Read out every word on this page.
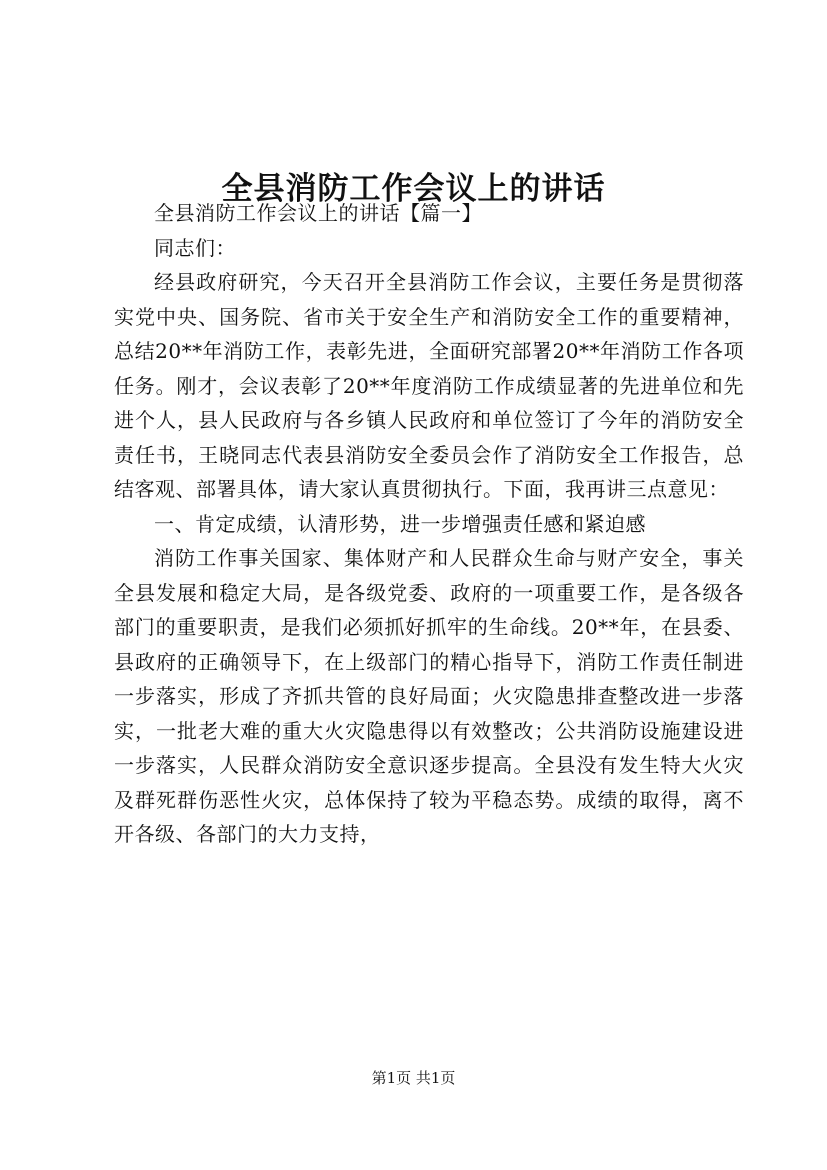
全县消防工作会议上的讲话

全县消防工作会议上的讲话【篇一】

同志们：

经县政府研究，今天召开全县消防工作会议，主要任务是贯彻落实党中央、国务院、省市关于安全生产和消防安全工作的重要精神，总结20**年消防工作，表彰先进，全面研究部署20**年消防工作各项任务。刚才，会议表彰了20**年度消防工作成绩显著的先进单位和先进个人，县人民政府与各乡镇人民政府和单位签订了今年的消防安全责任书，王晓同志代表县消防安全委员会作了消防安全工作报告，总结客观、部署具体，请大家认真贯彻执行。下面，我再讲三点意见：

一、肯定成绩，认清形势，进一步增强责任感和紧迫感

消防工作事关国家、集体财产和人民群众生命与财产安全，事关全县发展和稳定大局，是各级党委、政府的一项重要工作，是各级各部门的重要职责，是我们必须抓好抓牢的生命线。20**年，在县委、县政府的正确领导下，在上级部门的精心指导下，消防工作责任制进一步落实，形成了齐抓共管的良好局面；火灾隐患排查整改进一步落实，一批老大难的重大火灾隐患得以有效整改；公共消防设施建设进一步落实，人民群众消防安全意识逐步提高。全县没有发生特大火灾及群死群伤恶性火灾，总体保持了较为平稳态势。成绩的取得，离不开各级、各部门的大力支持，

第1页 共1页
